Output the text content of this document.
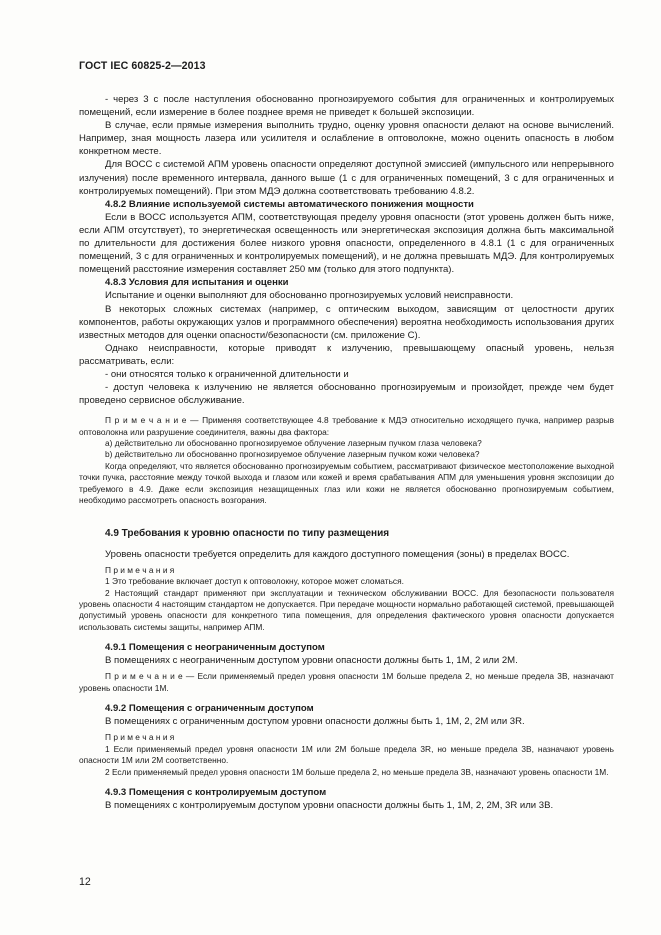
ГОСТ IEC 60825-2—2013

- через 3 с после наступления обоснованно прогнозируемого события для ограниченных и контролируемых помещений, если измерение в более позднее время не приведет к большей экспозиции.

В случае, если прямые измерения выполнить трудно, оценку уровня опасности делают на основе вычислений. Например, зная мощность лазера или усилителя и ослабление в оптоволокне, можно оценить опасность в любом конкретном месте.

Для ВОСС с системой АПМ уровень опасности определяют доступной эмиссией (импульсного или непрерывного излучения) после временного интервала, данного выше (1 с для ограниченных помещений, 3 с для ограниченных и контролируемых помещений). При этом МДЭ должна соответствовать требованию 4.8.2.

4.8.2 Влияние используемой системы автоматического понижения мощности

Если в ВОСС используется АПМ, соответствующая пределу уровня опасности (этот уровень должен быть ниже, если АПМ отсутствует), то энергетическая освещенность или энергетическая экспозиция должна быть максимальной по длительности для достижения более низкого уровня опасности, определенного в 4.8.1 (1 с для ограниченных помещений, 3 с для ограниченных и контролируемых помещений), и не должна превышать МДЭ. Для контролируемых помещений расстояние измерения составляет 250 мм (только для этого подпункта).

4.8.3 Условия для испытания и оценки

Испытание и оценки выполняют для обоснованно прогнозируемых условий неисправности.

В некоторых сложных системах (например, с оптическим выходом, зависящим от целостности других компонентов, работы окружающих узлов и программного обеспечения) вероятна необходимость использования других известных методов для оценки опасности/безопасности (см. приложение С).

Однако неисправности, которые приводят к излучению, превышающему опасный уровень, нельзя рассматривать, если:

- они относятся только к ограниченной длительности и

- доступ человека к излучению не является обоснованно прогнозируемым и произойдет, прежде чем будет проведено сервисное обслуживание.

П р и м е ч а н и е — Применяя соответствующее 4.8 требование к МДЭ относительно исходящего пучка, например разрыв оптоволокна или разрушение соединителя, важны два фактора:

a) действительно ли обоснованно прогнозируемое облучение лазерным пучком глаза человека?

b) действительно ли обоснованно прогнозируемое облучение лазерным пучком кожи человека?

Когда определяют, что является обоснованно прогнозируемым событием, рассматривают физическое местоположение выходной точки пучка, расстояние между точкой выхода и глазом или кожей и время срабатывания АПМ для уменьшения уровня экспозиции до требуемого в 4.9. Даже если экспозиция незащищенных глаз или кожи не является обоснованно прогнозируемым событием, необходимо рассмотреть опасность возгорания.

4.9 Требования к уровню опасности по типу размещения

Уровень опасности требуется определить для каждого доступного помещения (зоны) в пределах ВОСС.

П р и м е ч а н и я

1 Это требование включает доступ к оптоволокну, которое может сломаться.

2 Настоящий стандарт применяют при эксплуатации и техническом обслуживании ВОСС. Для безопасности пользователя уровень опасности 4 настоящим стандартом не допускается. При передаче мощности нормально работающей системой, превышающей допустимый уровень опасности для конкретного типа помещения, для определения фактического уровня опасности допускается использовать системы защиты, например АПМ.

4.9.1 Помещения с неограниченным доступом

В помещениях с неограниченным доступом уровни опасности должны быть 1, 1М, 2 или 2М.

П р и м е ч а н и е — Если применяемый предел уровня опасности 1М больше предела 2, но меньше предела 3В, назначают уровень опасности 1М.

4.9.2 Помещения с ограниченным доступом

В помещениях с ограниченным доступом уровни опасности должны быть 1, 1М, 2, 2М или 3R.

П р и м е ч а н и я

1 Если применяемый предел уровня опасности 1М или 2М больше предела 3R, но меньше предела 3В, назначают уровень опасности 1М или 2М соответственно.

2 Если применяемый предел уровня опасности 1М больше предела 2, но меньше предела 3В, назначают уровень опасности 1М.

4.9.3 Помещения с контролируемым доступом

В помещениях с контролируемым доступом уровни опасности должны быть 1, 1М, 2, 2М, 3R или 3В.

12
